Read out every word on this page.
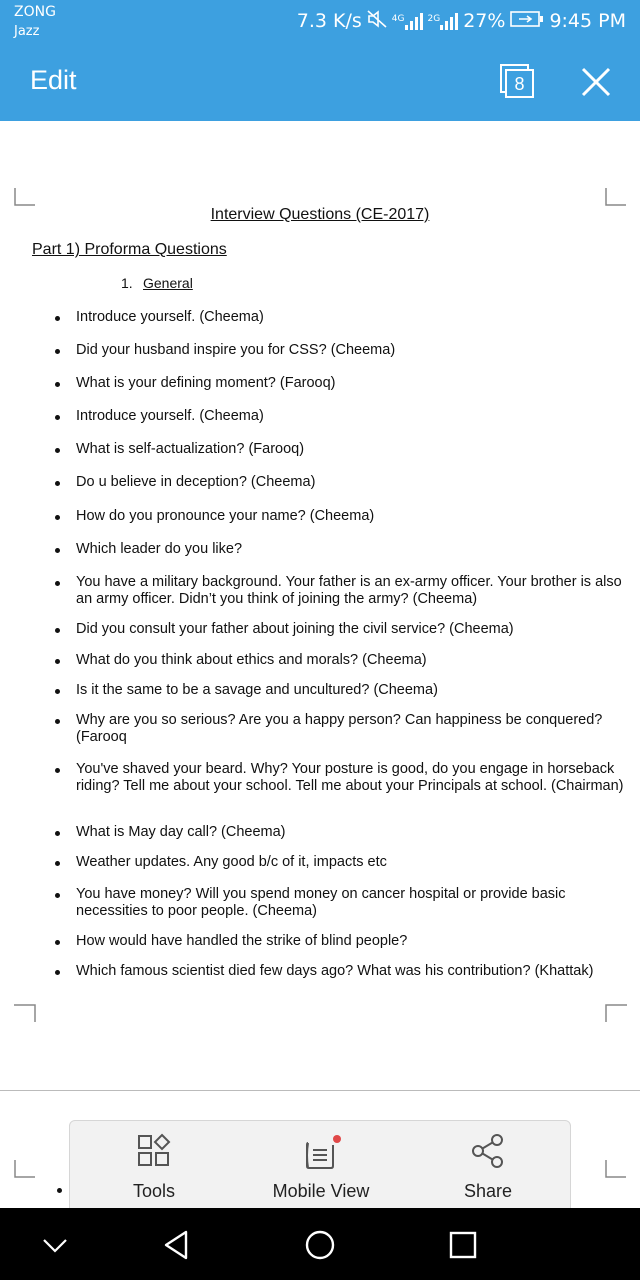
ZONG
Jazz	7.3 K/s	4G	2G 27% 9:45 PM
Edit	8
Interview Questions (CE-2017)
Part 1) Proforma Questions
1. General
Introduce yourself. (Cheema)
Did your husband inspire you for CSS? (Cheema)
What is your defining moment? (Farooq)
Introduce yourself. (Cheema)
What is self-actualization? (Farooq)
Do u believe in deception? (Cheema)
How do you pronounce your name? (Cheema)
Which leader do you like?
You have a military background. Your father is an ex-army officer. Your brother is also an army officer. Didn’t you think of joining the army? (Cheema)
Did you consult your father about joining the civil service? (Cheema)
What do you think about ethics and morals? (Cheema)
Is it the same to be a savage and uncultured? (Cheema)
Why are you so serious? Are you a happy person? Can happiness be conquered? (Farooq
You've shaved your beard. Why? Your posture is good, do you engage in horseback riding? Tell me about your school. Tell me about your Principals at school. (Chairman)
What is May day call? (Cheema)
Weather updates. Any good b/c of it, impacts etc
You have money? Will you spend money on cancer hospital or provide basic necessities to poor people. (Cheema)
How would have handled the strike of blind people?
Which famous scientist died few days ago? What was his contribution? (Khattak)
Tools	Mobile View	Share
